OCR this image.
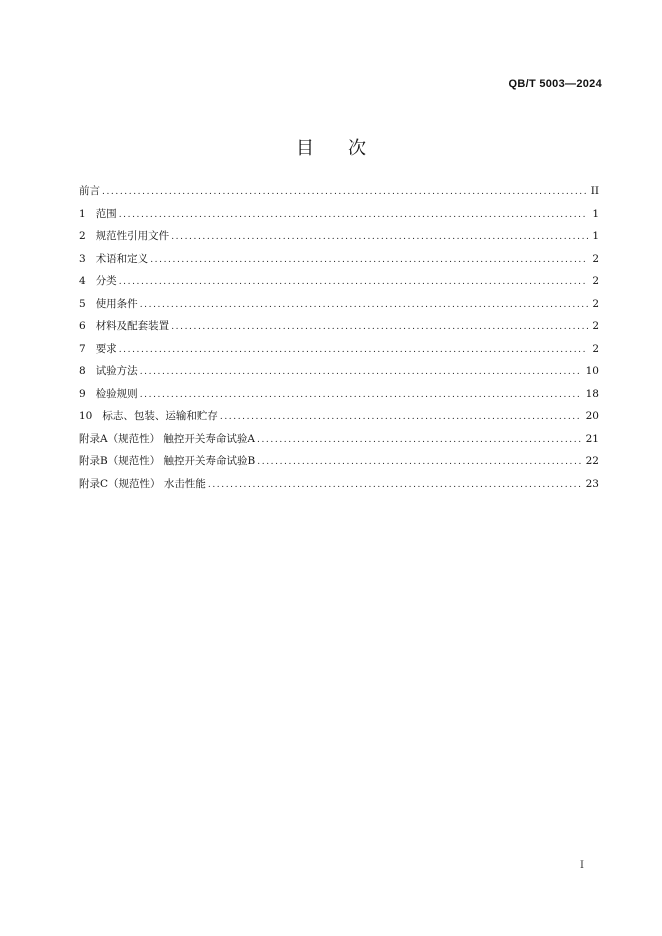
QB/T 5003—2024
目次
前言 .....	II
1 范围 .....	1
2 规范性引用文件 .....	1
3 术语和定义 .....	2
4 分类 .....	2
5 使用条件 .....	2
6 材料及配套装置 .....	2
7 要求 .....	2
8 试验方法 .....	10
9 检验规则 .....	18
10 标志、包装、运输和贮存 .....	20
附录A（规范性） 触控开关寿命试验A .....	21
附录B（规范性） 触控开关寿命试验B .....	22
附录C（规范性） 水击性能 .....	23
I
